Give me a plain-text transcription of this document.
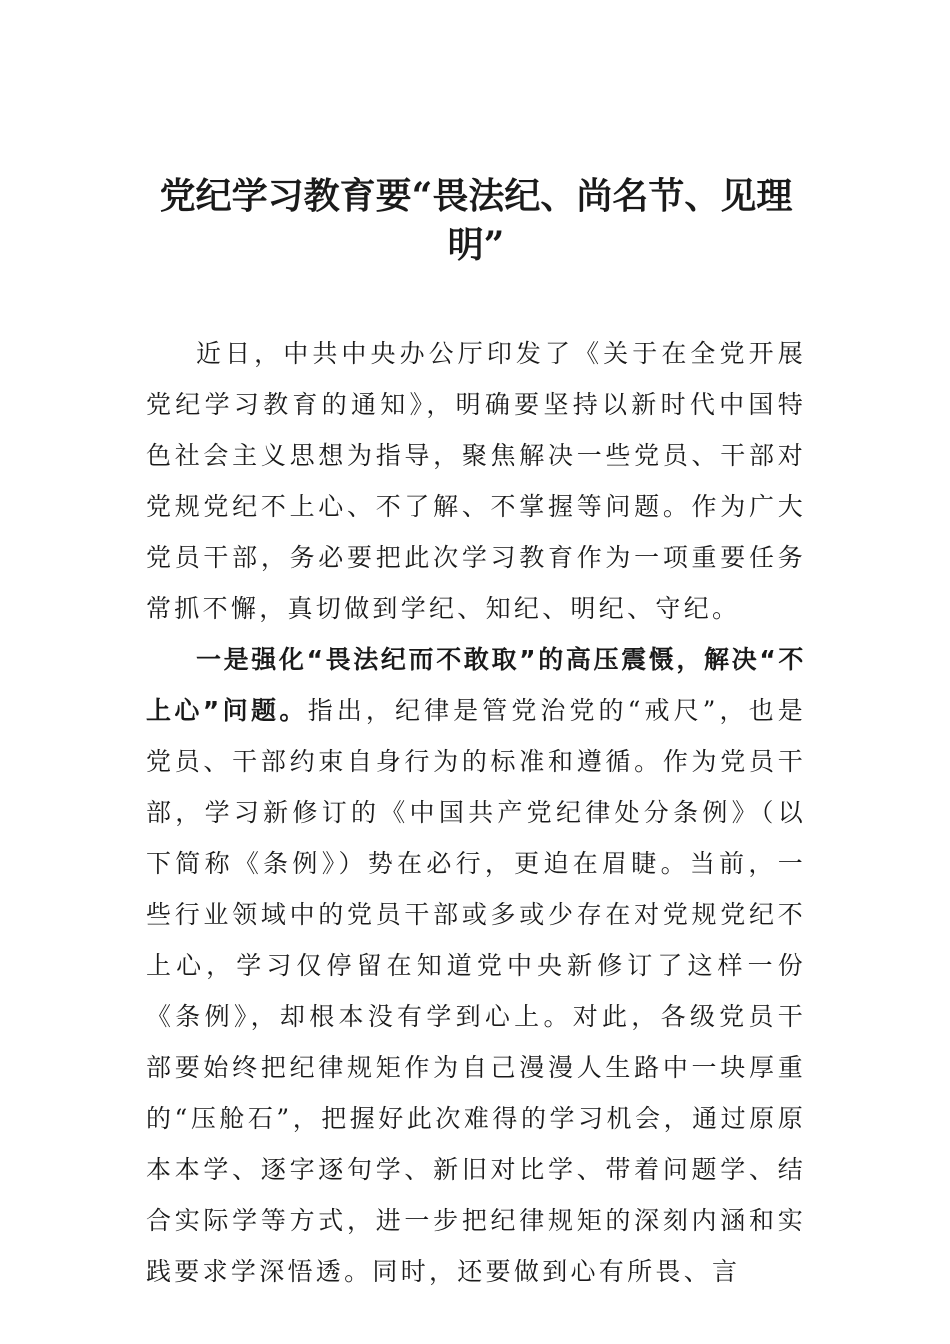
党纪学习教育要“畏法纪、尚名节、见理明”

近日，中共中央办公厅印发了《关于在全党开展党纪学习教育的通知》，明确要坚持以新时代中国特色社会主义思想为指导，聚焦解决一些党员、干部对党规党纪不上心、不了解、不掌握等问题。作为广大党员干部，务必要把此次学习教育作为一项重要任务常抓不懈，真切做到学纪、知纪、明纪、守纪。

一是强化“畏法纪而不敢取”的高压震慑，解决“不上心”问题。指出，纪律是管党治党的“戒尺”，也是党员、干部约束自身行为的标准和遵循。作为党员干部，学习新修订的《中国共产党纪律处分条例》（以下简称《条例》）势在必行，更迫在眉睫。当前，一些行业领域中的党员干部或多或少存在对党规党纪不上心，学习仅停留在知道党中央新修订了这样一份《条例》，却根本没有学到心上。对此，各级党员干部要始终把纪律规矩作为自己漫漫人生路中一块厚重的“压舱石”，把握好此次难得的学习机会，通过原原本本学、逐字逐句学、新旧对比学、带着问题学、结合实际学等方式，进一步把纪律规矩的深刻内涵和实践要求学深悟透。同时，还要做到心有所畏、言
